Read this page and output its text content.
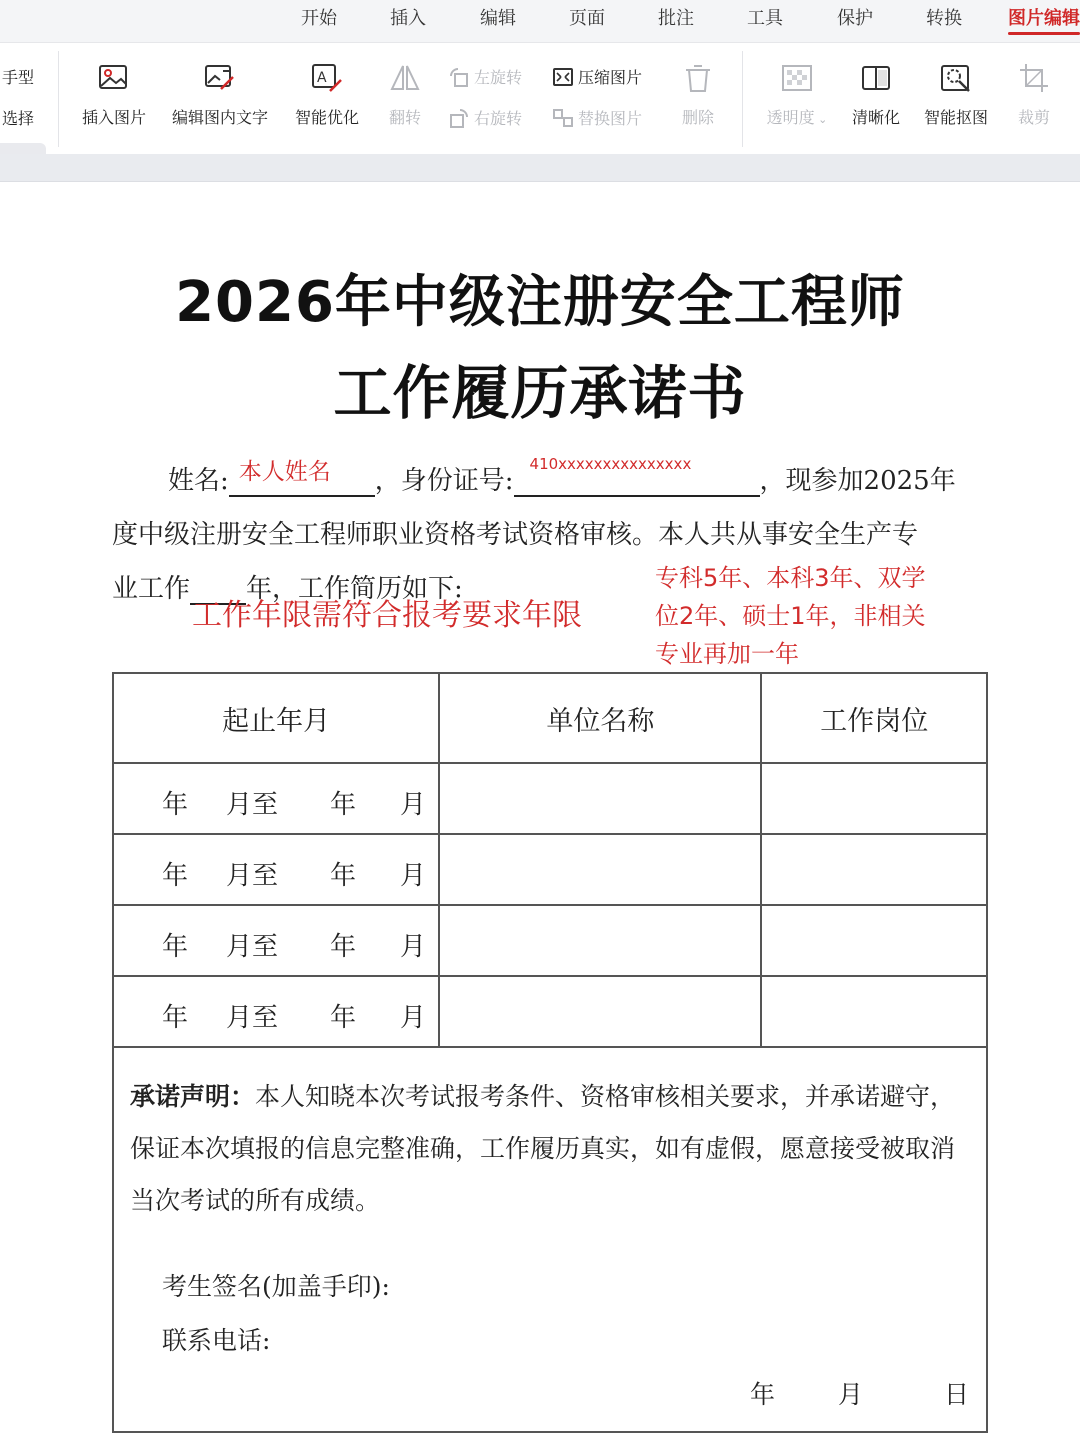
开始	插入	编辑	页面	批注	工具	保护	转换	图片编辑
手型
选择	插入图片	编辑图内文字
A
智能优化	翻转
左旋转
右旋转
压缩图片
替换图片 删除	透明度 ⌄ 清晰化 智能抠图 裁剪
2026年中级注册安全工程师
工作履历承诺书
姓名: 本人姓名 ，身份证号:
410xxxxxxxxxxxxxxx
，现参加2025年
度中级注册安全工程师职业资格考试资格审核。本人共从事安全生产专
业工作 年，工作简历如下:
工作年限需符合报考要求年限
专科5年、本科3年、双学
位2年、硕士1年，非相关
专业再加一年
起止年月	单位名称	工作岗位

年 月至 年 月		

年 月至 年 月		

年 月至 年 月		

年 月至 年 月		

承诺声明：本人知晓本次考试报考条件、资格审核相关要求，并承诺避守，保证本次填报的信息完整准确，工作履历真实，如有虚假，愿意接受被取消当次考试的所有成绩。
考生签名(加盖手印):
联系电话:
年	月	日
